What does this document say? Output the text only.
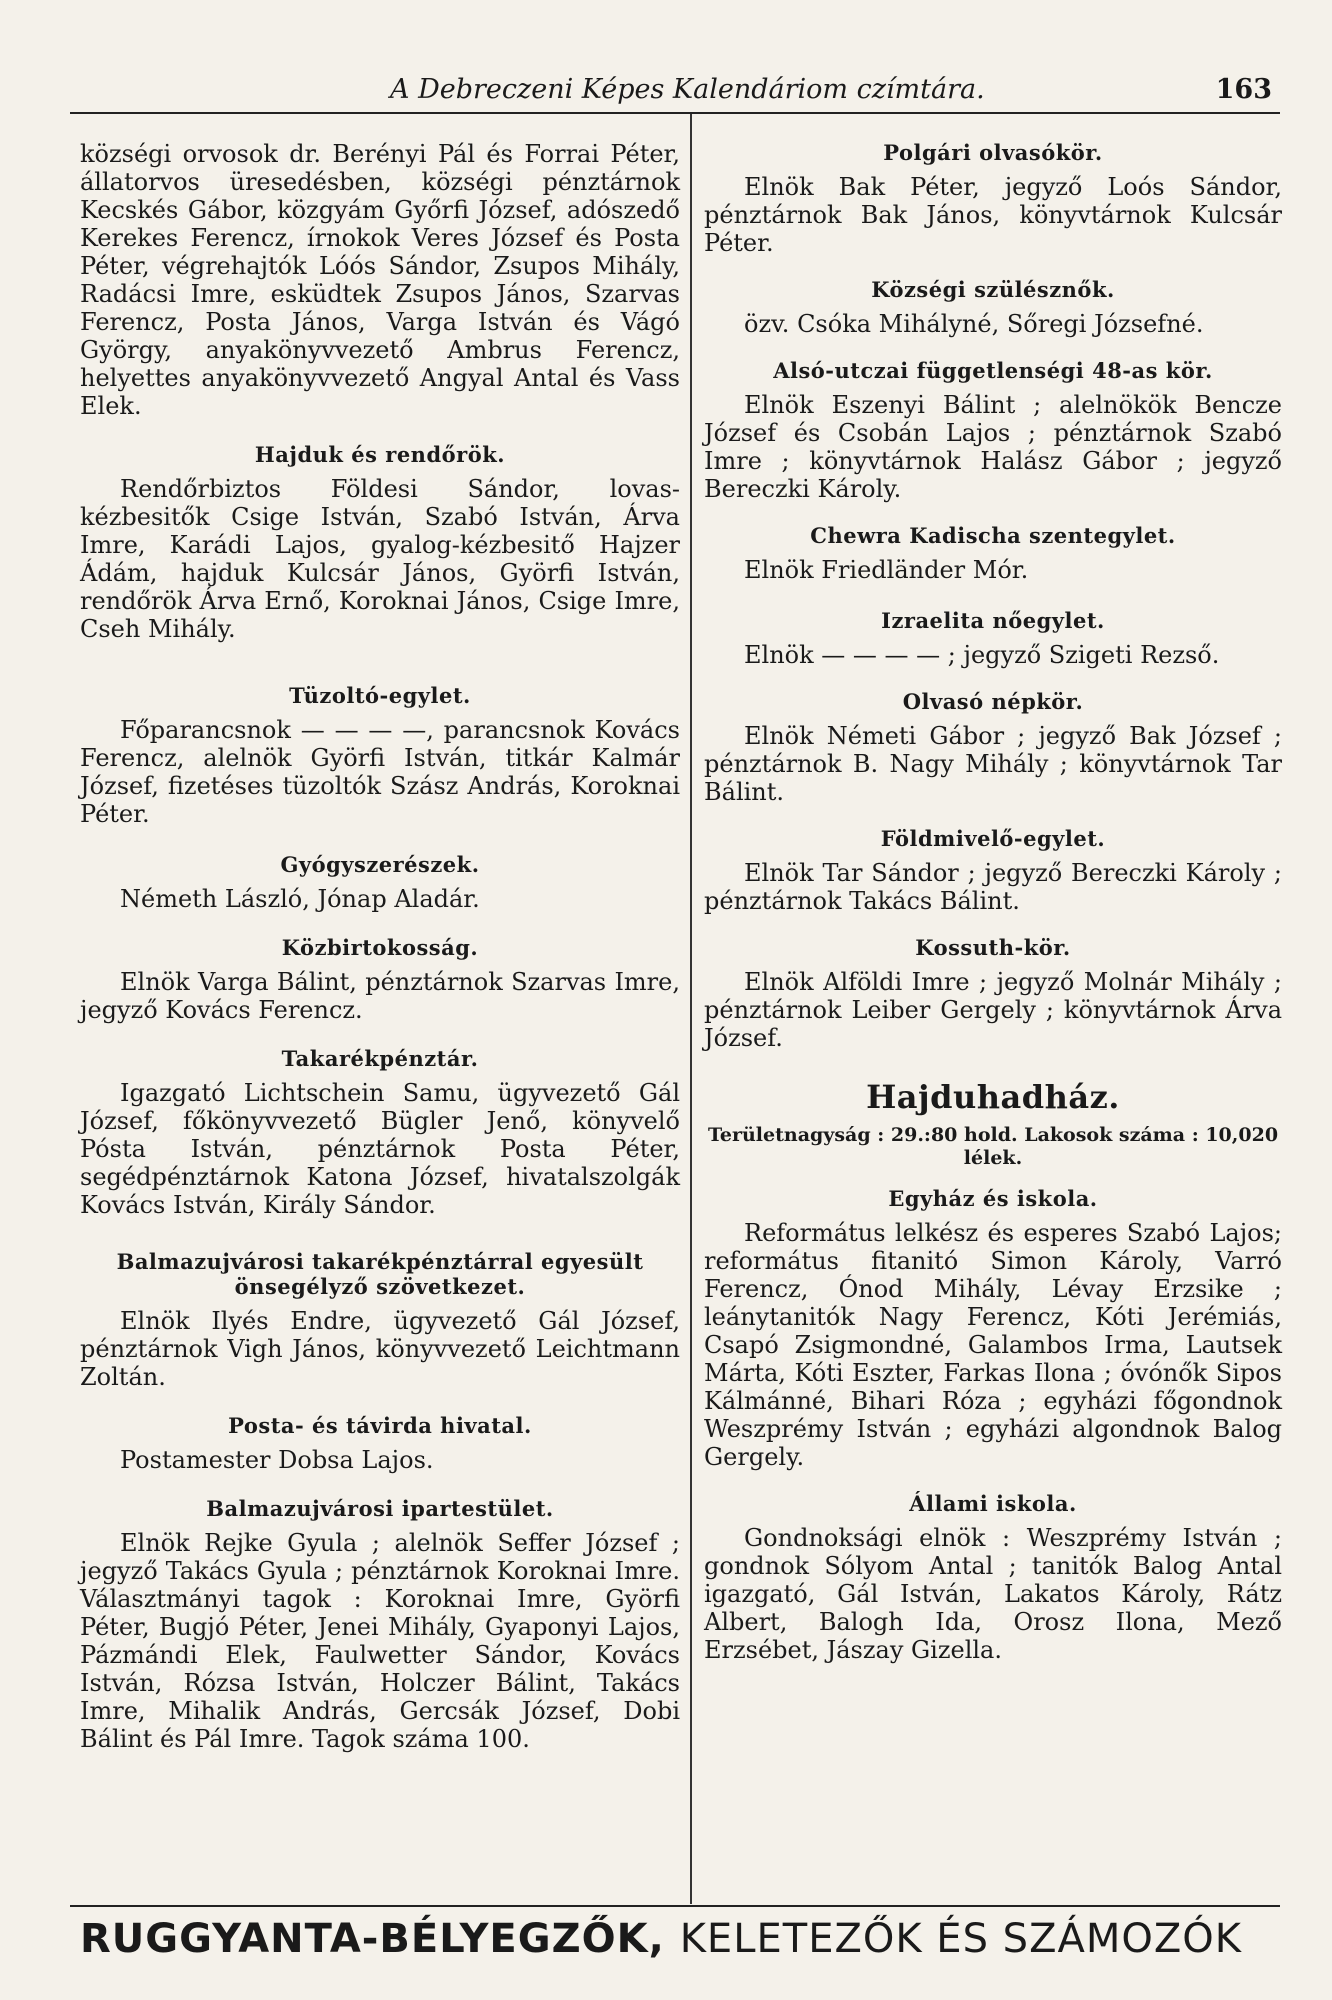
A Debreczeni Képes Kalendáriom czímtára.	163

községi orvosok dr. Berényi Pál és Forrai Péter, állatorvos üresedésben, községi pénztárnok Kecskés Gábor, közgyám Győrfi József, adószedő Kerekes Ferencz, írnokok Veres József és Posta Péter, végrehajtók Lóós Sándor, Zsupos Mihály, Radácsi Imre, esküdtek Zsupos János, Szarvas Ferencz, Posta János, Varga István és Vágó György, anyakönyvvezető Ambrus Ferencz, helyettes anyakönyvvezető Angyal Antal és Vass Elek.

Hajduk és rendőrök.

Rendőrbiztos Földesi Sándor, lovas-kézbesitők Csige István, Szabó István, Árva Imre, Karádi Lajos, gyalog-kézbesitő Hajzer Ádám, hajduk Kulcsár János, Györfi István, rendőrök Árva Ernő, Koroknai János, Csige Imre, Cseh Mihály.

Tüzoltó-egylet.

Főparancsnok — — — —, parancsnok Kovács Ferencz, alelnök Györfi István, titkár Kalmár József, fizetéses tüzoltók Szász András, Koroknai Péter.

Gyógyszerészek.

Németh László, Jónap Aladár.

Közbirtokosság.

Elnök Varga Bálint, pénztárnok Szarvas Imre, jegyző Kovács Ferencz.

Takarékpénztár.

Igazgató Lichtschein Samu, ügyvezető Gál József, főkönyvvezető Bügler Jenő, könyvelő Pósta István, pénztárnok Posta Péter, segédpénztárnok Katona József, hivatalszolgák Kovács István, Király Sándor.

Balmazujvárosi takarékpénztárral egyesült önsegélyző szövetkezet.

Elnök Ilyés Endre, ügyvezető Gál József, pénztárnok Vigh János, könyvvezető Leichtmann Zoltán.

Posta- és távirda hivatal.

Postamester Dobsa Lajos.

Balmazujvárosi ipartestület.

Elnök Rejke Gyula ; alelnök Seffer József ; jegyző Takács Gyula ; pénztárnok Koroknai Imre. Választmányi tagok : Koroknai Imre, Györfi Péter, Bugjó Péter, Jenei Mihály, Gyaponyi Lajos, Pázmándi Elek, Faulwetter Sándor, Kovács István, Rózsa István, Holczer Bálint, Takács Imre, Mihalik András, Gercsák József, Dobi Bálint és Pál Imre. Tagok száma 100.

Polgári olvasókör.

Elnök Bak Péter, jegyző Loós Sándor, pénztárnok Bak János, könyvtárnok Kulcsár Péter.

Községi szülésznők.

özv. Csóka Mihályné, Sőregi Józsefné.

Alsó-utczai függetlenségi 48-as kör.

Elnök Eszenyi Bálint ; alelnökök Bencze József és Csobán Lajos ; pénztárnok Szabó Imre ; könyvtárnok Halász Gábor ; jegyző Bereczki Károly.

Chewra Kadischa szentegylet.

Elnök Friedländer Mór.

Izraelita nőegylet.

Elnök — — — — ; jegyző Szigeti Rezső.

Olvasó népkör.

Elnök Németi Gábor ; jegyző Bak József ; pénztárnok B. Nagy Mihály ; könyvtárnok Tar Bálint.

Földmivelő-egylet.

Elnök Tar Sándor ; jegyző Bereczki Károly ; pénztárnok Takács Bálint.

Kossuth-kör.

Elnök Alföldi Imre ; jegyző Molnár Mihály ; pénztárnok Leiber Gergely ; könyvtárnok Árva József.

Hajduhadház.
Területnagyság : 29.:80 hold. Lakosok száma : 10,020 lélek.
Egyház és iskola.

Református lelkész és esperes Szabó Lajos; református fitanitó Simon Károly, Varró Ferencz, Ónod Mihály, Lévay Erzsike ; leánytanitók Nagy Ferencz, Kóti Jerémiás, Csapó Zsigmondné, Galambos Irma, Lautsek Márta, Kóti Eszter, Farkas Ilona ; óvónők Sipos Kálmánné, Bihari Róza ; egyházi főgondnok Weszprémy István ; egyházi algondnok Balog Gergely.

Állami iskola.

Gondnoksági elnök : Weszprémy István ; gondnok Sólyom Antal ; tanitók Balog Antal igazgató, Gál István, Lakatos Károly, Rátz Albert, Balogh Ida, Orosz Ilona, Mező Erzsébet, Jászay Gizella.

RUGGYANTA-BÉLYEGZŐK, KELETEZŐK ÉS SZÁMOZÓK
